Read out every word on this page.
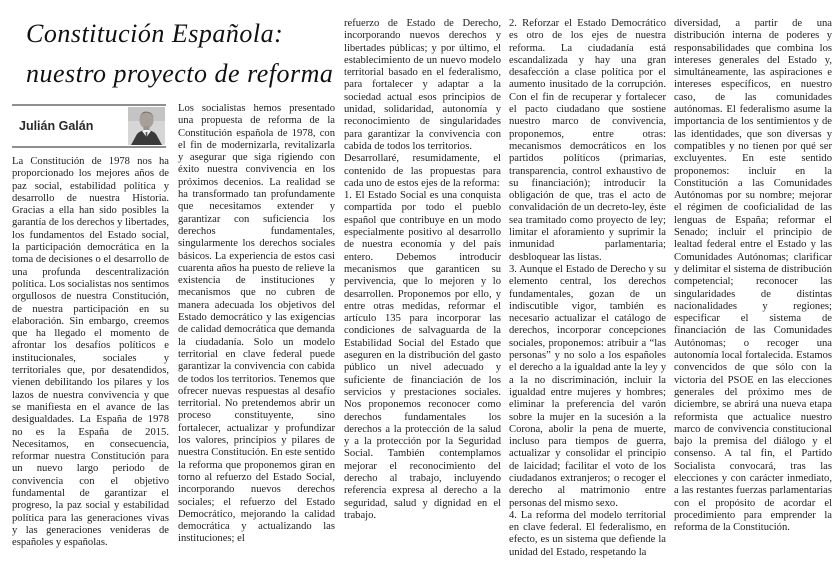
Constitución Española:
nuestro proyecto de reforma
Julián Galán

La Constitución de 1978 nos ha proporcionado los mejores años de paz social, estabilidad política y desarrollo de nuestra Historia. Gracias a ella han sido posibles la garantía de los derechos y libertades, los fundamentos del Estado social, la participación democrática en la toma de decisiones o el desarrollo de una profunda descentralización política. Los socialistas nos sentimos orgullosos de nuestra Constitución, de nuestra participación en su elaboración. Sin embargo, creemos que ha llegado el momento de afrontar los desafíos políticos e institucionales, sociales y territoriales que, por desatendidos, vienen debilitando los pilares y los lazos de nuestra convivencia y que se manifiesta en el avance de las desigualdades. La España de 1978 no es la España de 2015. Necesitamos, en consecuencia, reformar nuestra Constitución para un nuevo largo periodo de convivencia con el objetivo fundamental de garantizar el progreso, la paz social y estabilidad política para las generaciones vivas y las generaciones venideras de españoles y españolas.

Los socialistas hemos presentado una propuesta de reforma de la Constitución española de 1978, con el fin de modernizarla, revitalizarla y asegurar que siga rigiendo con éxito nuestra convivencia en los próximos decenios. La realidad se ha transformado tan profundamente que necesitamos extender y garantizar con suficiencia los derechos fundamentales, singularmente los derechos sociales básicos. La experiencia de estos casi cuarenta años ha puesto de relieve la existencia de instituciones y mecanismos que no cubren de manera adecuada los objetivos del Estado democrático y las exigencias de calidad democrática que demanda la ciudadanía. Solo un modelo territorial en clave federal puede garantizar la convivencia con cabida de todos los territorios. Tenemos que ofrecer nuevas respuestas al desafío territorial. No pretendemos abrir un proceso constituyente, sino fortalecer, actualizar y profundizar los valores, principios y pilares de nuestra Constitución. En este sentido la reforma que proponemos giran en torno al refuerzo del Estado Social, incorporando nuevos derechos sociales; el refuerzo del Estado Democrático, mejorando la calidad democrática y actualizando las instituciones; el

refuerzo de Estado de Derecho, incorporando nuevos derechos y libertades públicas; y por último, el establecimiento de un nuevo modelo territorial basado en el federalismo, para fortalecer y adaptar a la sociedad actual esos principios de unidad, solidaridad, autonomía y reconocimiento de singularidades para garantizar la convivencia con cabida de todos los territorios.

Desarrollaré, resumidamente, el contenido de las propuestas para cada uno de estos ejes de la reforma:

1. El Estado Social es una conquista compartida por todo el pueblo español que contribuye en un modo especialmente positivo al desarrollo de nuestra economía y del país entero. Debemos introducir mecanismos que garanticen su pervivencia, que lo mejoren y lo desarrollen. Proponemos por ello, y entre otras medidas, reformar el artículo 135 para incorporar las condiciones de salvaguarda de la Estabilidad Social del Estado que aseguren en la distribución del gasto público un nivel adecuado y suficiente de financiación de los servicios y prestaciones sociales. Nos proponemos reconocer como derechos fundamentales los derechos a la protección de la salud y a la protección por la Seguridad Social. También contemplamos mejorar el reconocimiento del derecho al trabajo, incluyendo referencia expresa al derecho a la seguridad, salud y dignidad en el trabajo.

2. Reforzar el Estado Democrático es otro de los ejes de nuestra reforma. La ciudadanía está escandalizada y hay una gran desafección a clase política por el aumento inusitado de la corrupción. Con el fin de recuperar y fortalecer el pacto ciudadano que sostiene nuestro marco de convivencia, proponemos, entre otras: mecanismos democráticos en los partidos políticos (primarias, transparencia, control exhaustivo de su financiación); introducir la obligación de que, tras el acto de convalidación de un decreto-ley, éste sea tramitado como proyecto de ley; limitar el aforamiento y suprimir la inmunidad parlamentaria; desbloquear las listas.

3. Aunque el Estado de Derecho y su elemento central, los derechos fundamentales, gozan de un indiscutible vigor, también es necesario actualizar el catálogo de derechos, incorporar concepciones sociales, proponemos: atribuir a “las personas” y no solo a los españoles el derecho a la igualdad ante la ley y a la no discriminación, incluir la igualdad entre mujeres y hombres; eliminar la preferencia del varón sobre la mujer en la sucesión a la Corona, abolir la pena de muerte, incluso para tiempos de guerra, actualizar y consolidar el principio de laicidad; facilitar el voto de los ciudadanos extranjeros; o recoger el derecho al matrimonio entre personas del mismo sexo.

4. La reforma del modelo territorial en clave federal. El federalismo, en efecto, es un sistema que defiende la unidad del Estado, respetando la

diversidad, a partir de una distribución interna de poderes y responsabilidades que combina los intereses generales del Estado y, simultáneamente, las aspiraciones e intereses específicos, en nuestro caso, de las comunidades autónomas. El federalismo asume la importancia de los sentimientos y de las identidades, que son diversas y compatibles y no tienen por qué ser excluyentes. En este sentido proponemos: incluir en la Constitución a las Comunidades Autónomas por su nombre; mejorar el régimen de cooficialidad de las lenguas de España; reformar el Senado; incluir el principio de lealtad federal entre el Estado y las Comunidades Autónomas; clarificar y delimitar el sistema de distribución competencial; reconocer las singularidades de distintas nacionalidades y regiones; especificar el sistema de financiación de las Comunidades Autónomas; o recoger una autonomía local fortalecida. Estamos convencidos de que sólo con la victoria del PSOE en las elecciones generales del próximo mes de diciembre, se abrirá una nueva etapa reformista que actualice nuestro marco de convivencia constitucional bajo la premisa del diálogo y el consenso. A tal fin, el Partido Socialista convocará, tras las elecciones y con carácter inmediato, a las restantes fuerzas parlamentarias con el propósito de acordar el procedimiento para emprender la reforma de la Constitución.
